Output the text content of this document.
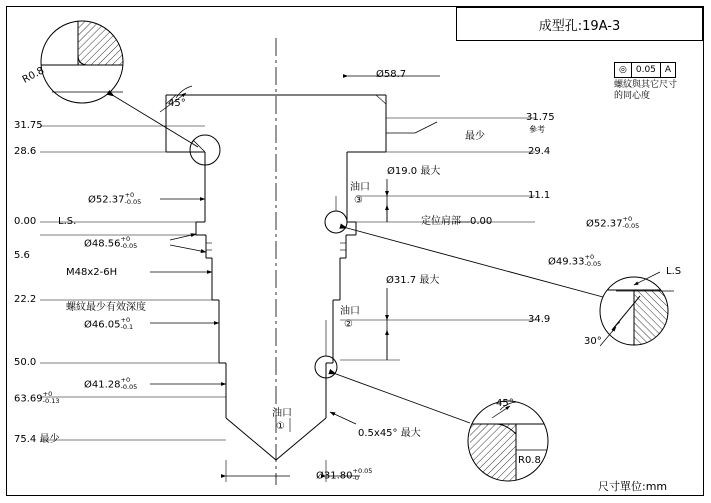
成型孔:19A-3
◎	0.05	A
螺紋與其它尺寸
的同心度
尺寸單位:mm
31.75
28.6
0.00 L.S.
5.6
22.2
50.0
63.69 +0
-0.13
75.4 最少
R0.8
45°
Ø52.37 +0
-0.05
Ø48.56 +0
-0.05
M48x2-6H
螺紋最少有效深度
Ø46.05 +0
-0.1
Ø41.28 +0
-0.05
Ø58.7
Ø19.0 最大
油口
③
定位肩部
Ø31.7 最大
油口
②
油口
①
0.5x45° 最大
Ø31.80 +0.05
-0
31.75
參考
最少
29.4
11.1
0.00
34.9
Ø52.37 +0
-0.05
Ø49.33 +0
-0.05
L.S
30°
45°
R0.8
